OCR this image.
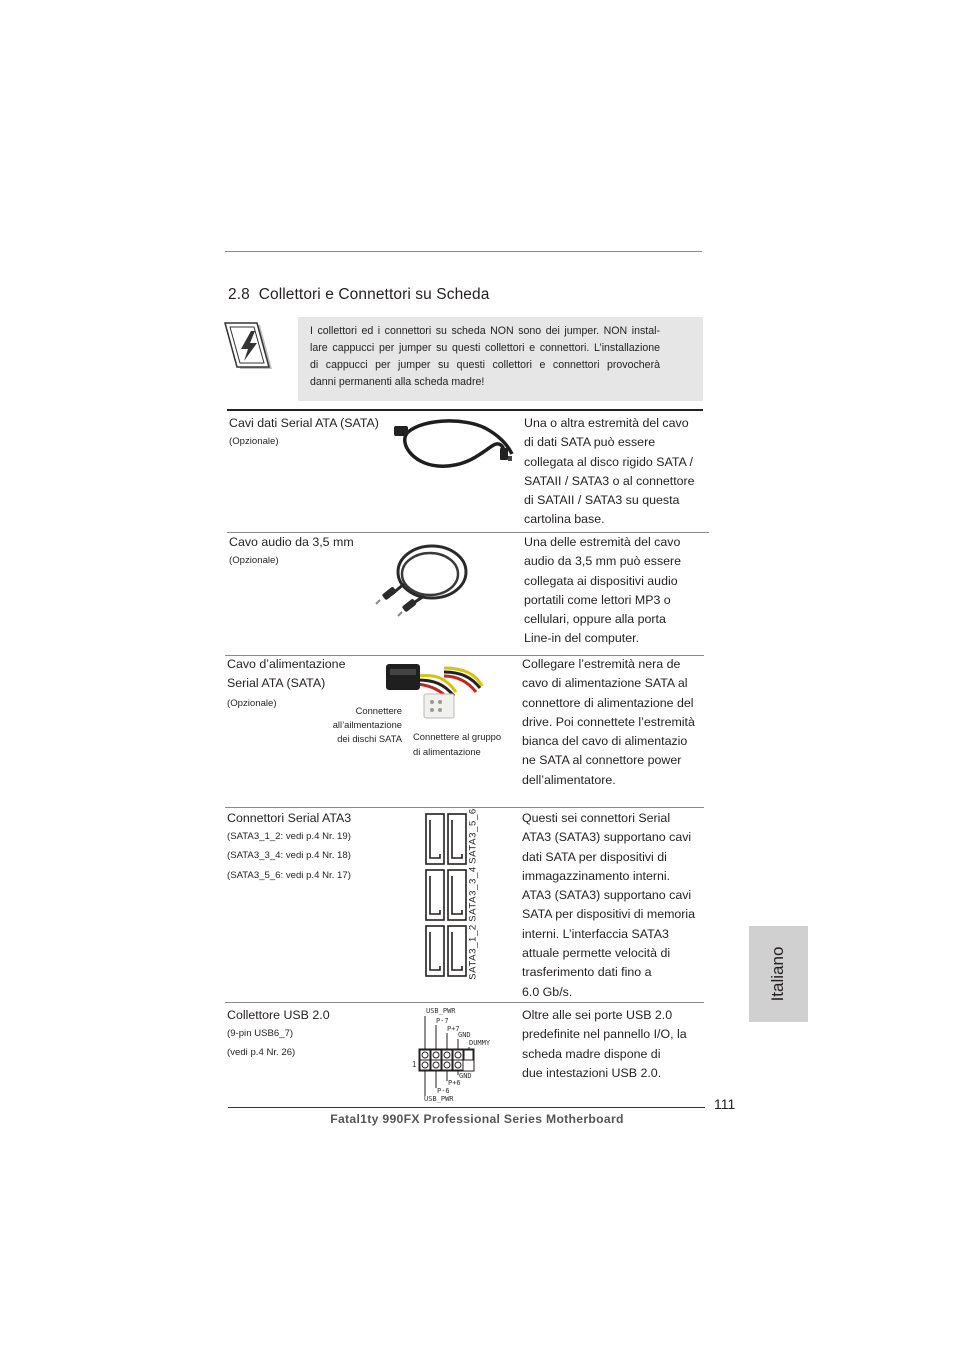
2.8 Collettori e Connettori su Scheda
I collettori ed i connettori su scheda NON sono dei jumper. NON instal-
lare cappucci per jumper su questi collettori e connettori. L’installazione
di cappucci per jumper su questi collettori e connettori provocherà
danni permanenti alla scheda madre!
Cavi dati Serial ATA (SATA)
(Opzionale)
Una o altra estremità del cavo
di dati SATA può essere
collegata al disco rigido SATA /
SATAII / SATA3 o al connettore
di SATAII / SATA3 su questa
cartolina base.
Cavo audio da 3,5 mm
(Opzionale)
Una delle estremità del cavo
audio da 3,5 mm può essere
collegata ai dispositivi audio
portatili come lettori MP3 o
cellulari, oppure alla porta
Line-in del computer.
Cavo d’alimentazione
Serial ATA (SATA)
(Opzionale)
Connettere
all’ailmentazione
dei dischi SATA Connettere al gruppo
di alimentazione
Collegare l’estremità nera de
cavo di alimentazione SATA al
connettore di alimentazione del
drive. Poi connettete l’estremità
bianca del cavo di alimentazio
ne SATA al connettore power
dell’alimentatore.
Connettori Serial ATA3
(SATA3_1_2: vedi p.4 Nr. 19)
(SATA3_3_4: vedi p.4 Nr. 18)
(SATA3_5_6: vedi p.4 Nr. 17)
SATA3_5_6
SATA3_3_4
SATA3_1_2
Questi sei connettori Serial
ATA3 (SATA3) supportano cavi
dati SATA per dispositivi di
immagazzinamento interni.
ATA3 (SATA3) supportano cavi
SATA per dispositivi di memoria
interni. L’interfaccia SATA3
attuale permette velocità di
trasferimento dati fino a
6.0 Gb/s.
Collettore USB 2.0
(9-pin USB6_7)
(vedi p.4 Nr. 26)
USB_PWR
P-7
P+7
GND
DUMMY
1
GND
P+6
P-6
USB_PWR
Oltre alle sei porte USB 2.0
predefinite nel pannello I/O, la
scheda madre dispone di
due intestazioni USB 2.0.
Italiano
111
Fatal1ty 990FX Professional Series Motherboard
